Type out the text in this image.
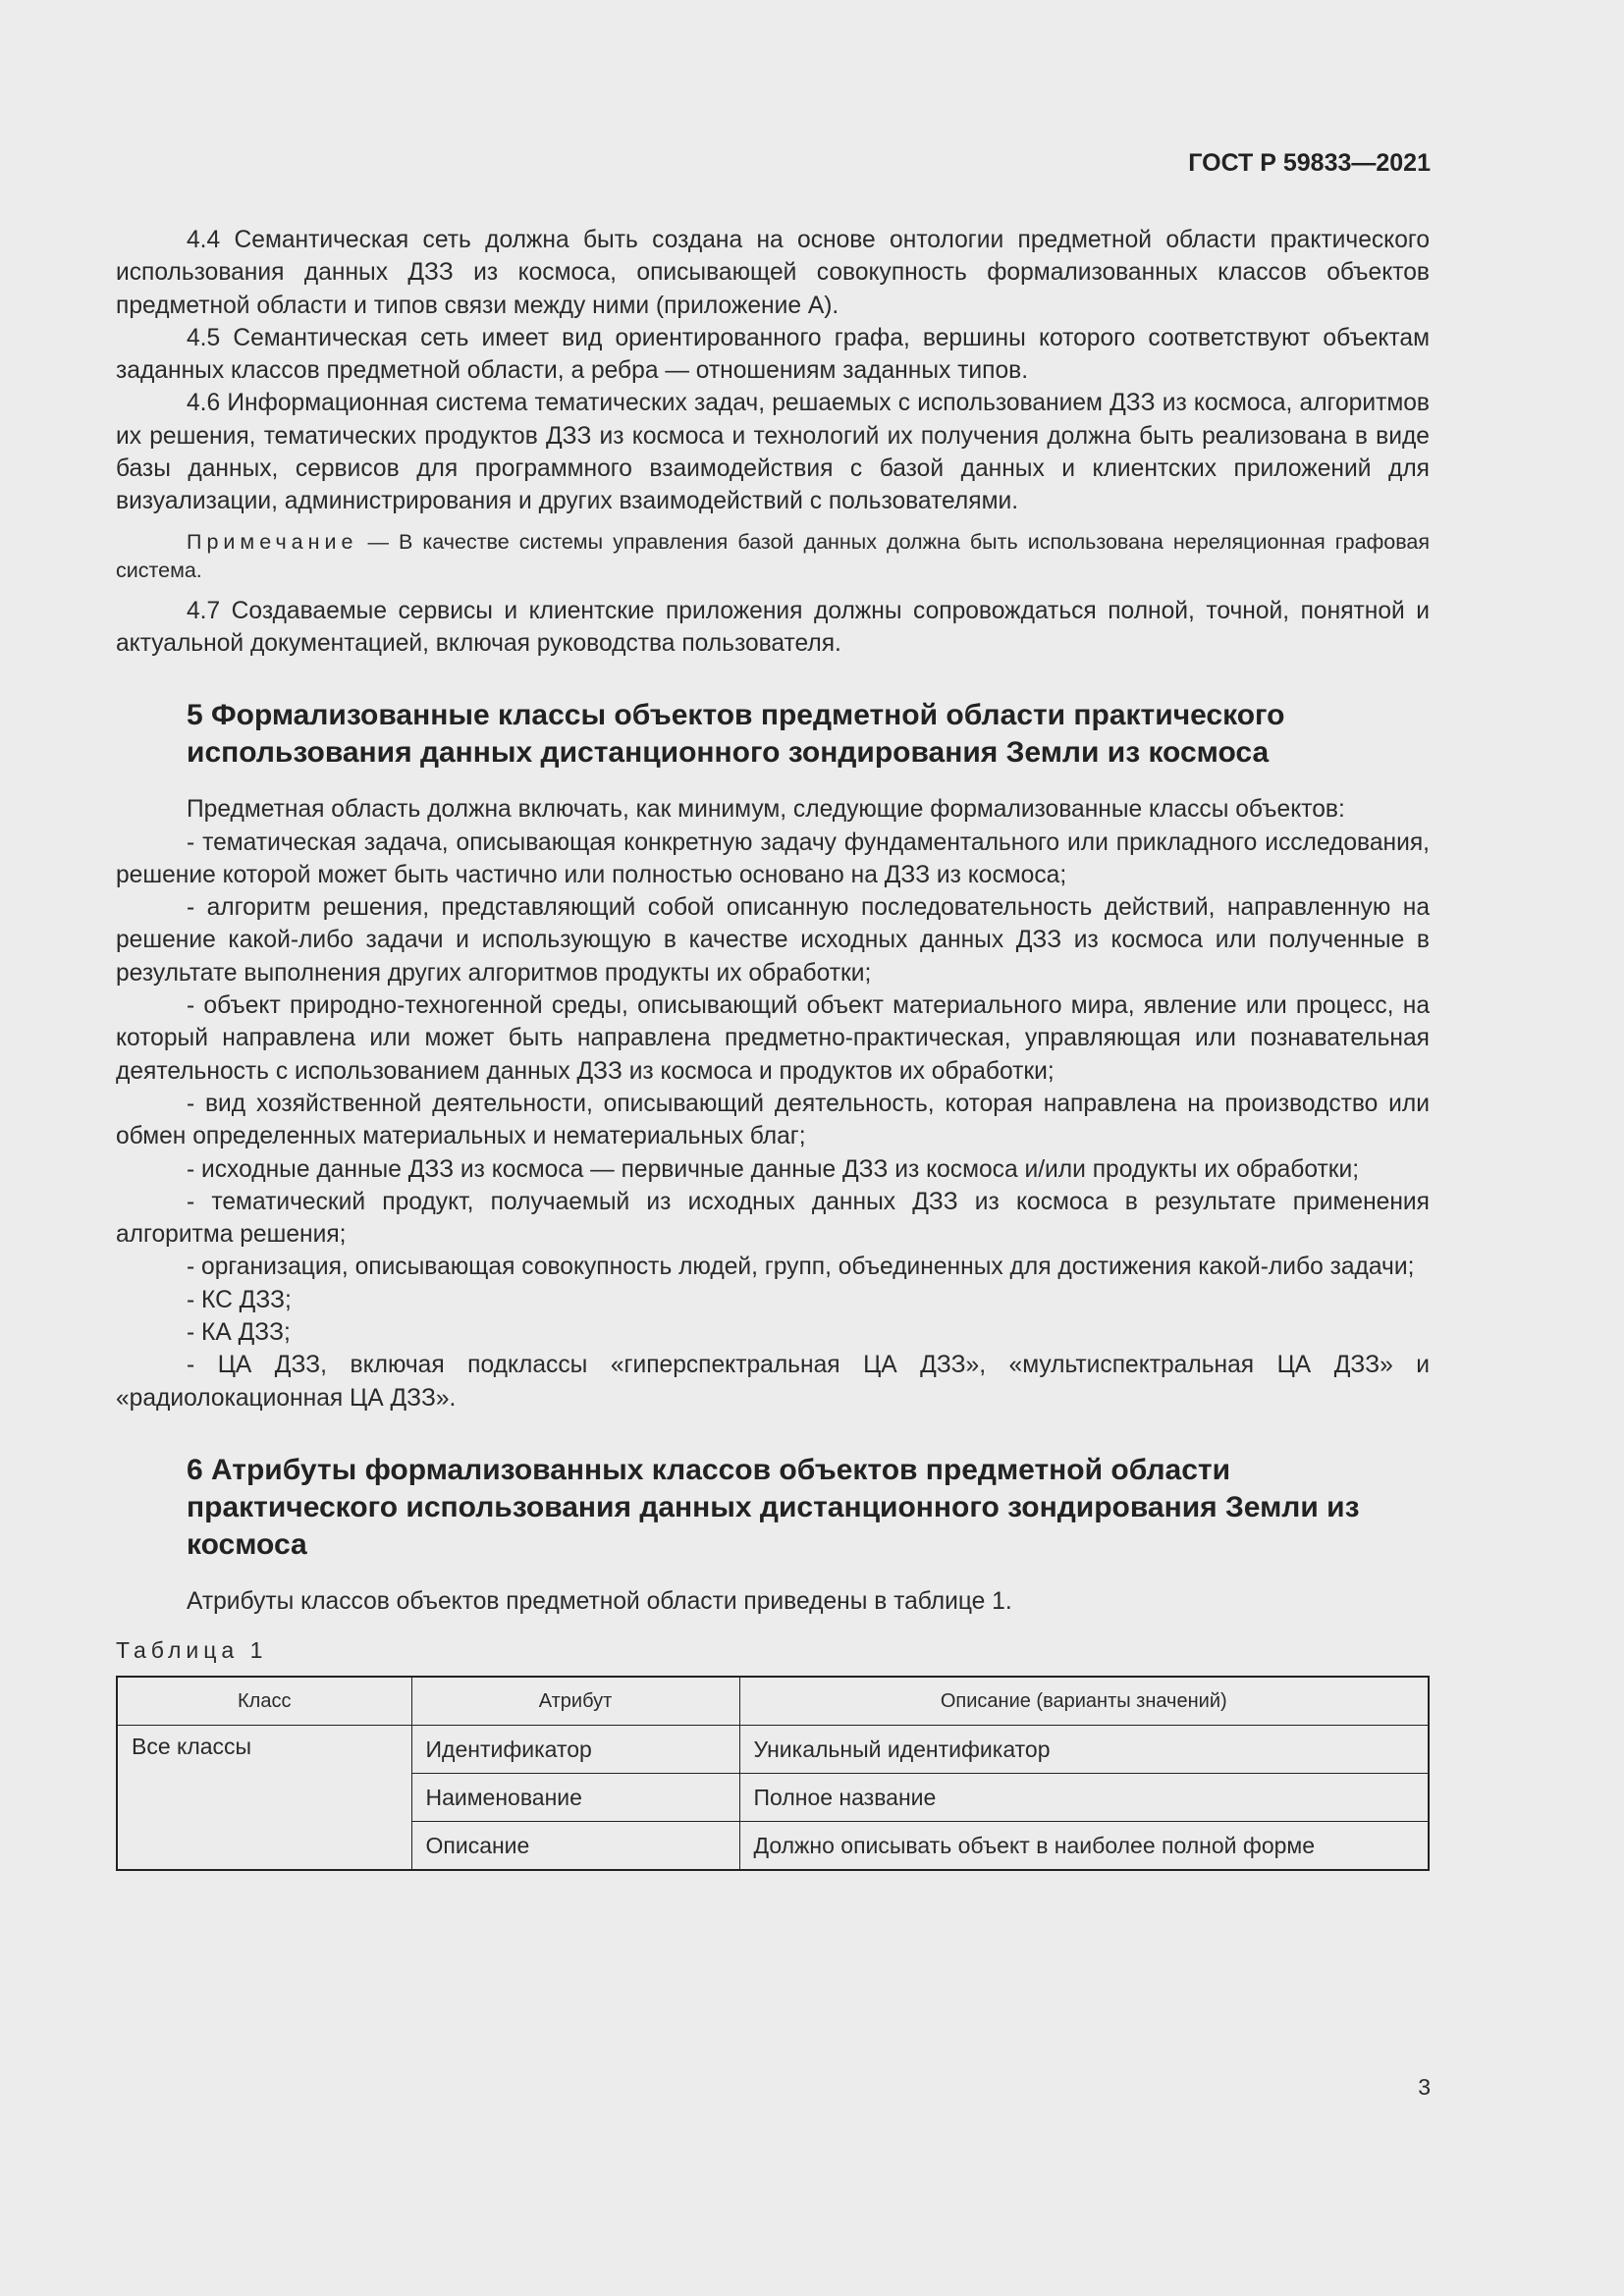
ГОСТ Р 59833—2021

4.4 Семантическая сеть должна быть создана на основе онтологии предметной области практического использования данных ДЗЗ из космоса, описывающей совокупность формализованных классов объектов предметной области и типов связи между ними (приложение А).

4.5 Семантическая сеть имеет вид ориентированного графа, вершины которого соответствуют объектам заданных классов предметной области, а ребра — отношениям заданных типов.

4.6 Информационная система тематических задач, решаемых с использованием ДЗЗ из космоса, алгоритмов их решения, тематических продуктов ДЗЗ из космоса и технологий их получения должна быть реализована в виде базы данных, сервисов для программного взаимодействия с базой данных и клиентских приложений для визуализации, администрирования и других взаимодействий с пользователями.

Примечание — В качестве системы управления базой данных должна быть использована нереляционная графовая система.

4.7 Создаваемые сервисы и клиентские приложения должны сопровождаться полной, точной, понятной и актуальной документацией, включая руководства пользователя.

5 Формализованные классы объектов предметной области практического использования данных дистанционного зондирования Земли из космоса

Предметная область должна включать, как минимум, следующие формализованные классы объектов:

- тематическая задача, описывающая конкретную задачу фундаментального или прикладного исследования, решение которой может быть частично или полностью основано на ДЗЗ из космоса;

- алгоритм решения, представляющий собой описанную последовательность действий, направленную на решение какой-либо задачи и использующую в качестве исходных данных ДЗЗ из космоса или полученные в результате выполнения других алгоритмов продукты их обработки;

- объект природно-техногенной среды, описывающий объект материального мира, явление или процесс, на который направлена или может быть направлена предметно-практическая, управляющая или познавательная деятельность с использованием данных ДЗЗ из космоса и продуктов их обработки;

- вид хозяйственной деятельности, описывающий деятельность, которая направлена на производство или обмен определенных материальных и нематериальных благ;

- исходные данные ДЗЗ из космоса — первичные данные ДЗЗ из космоса и/или продукты их обработки;

- тематический продукт, получаемый из исходных данных ДЗЗ из космоса в результате применения алгоритма решения;

- организация, описывающая совокупность людей, групп, объединенных для достижения какой-либо задачи;

- КС ДЗЗ;

- КА ДЗЗ;

- ЦА ДЗЗ, включая подклассы «гиперспектральная ЦА ДЗЗ», «мультиспектральная ЦА ДЗЗ» и «радиолокационная ЦА ДЗЗ».

6 Атрибуты формализованных классов объектов предметной области практического использования данных дистанционного зондирования Земли из космоса

Атрибуты классов объектов предметной области приведены в таблице 1.

Таблица 1
Класс	Атрибут	Описание (варианты значений)
Все классы	Идентификатор	Уникальный идентификатор
	Наименование	Полное название
	Описание	Должно описывать объект в наиболее полной форме
3
